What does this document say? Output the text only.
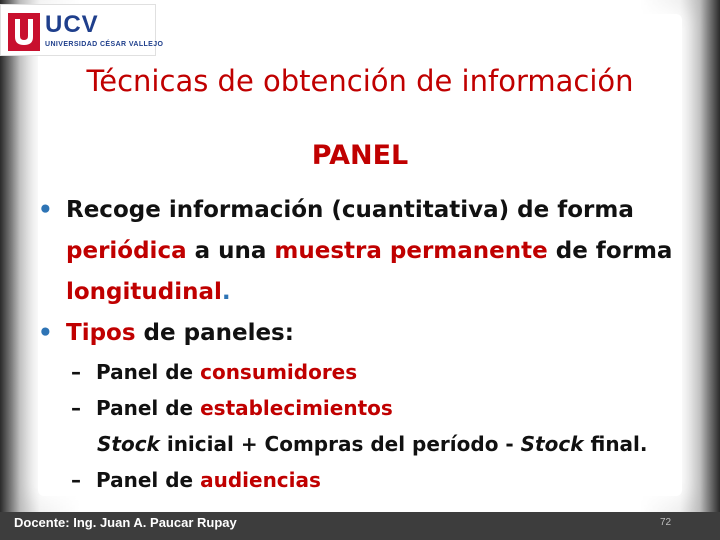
UCV
UNIVERSIDAD CÉSAR VALLEJO
Técnicas de obtención de información
PANEL
• Recoge información (cuantitativa) de forma periódica a una muestra permanente de forma longitudinal.
• Tipos de paneles:
– Panel de consumidores
– Panel de establecimientos
Stock inicial + Compras del período - Stock final.
– Panel de audiencias
Docente: Ing. Juan A. Paucar Rupay	72
